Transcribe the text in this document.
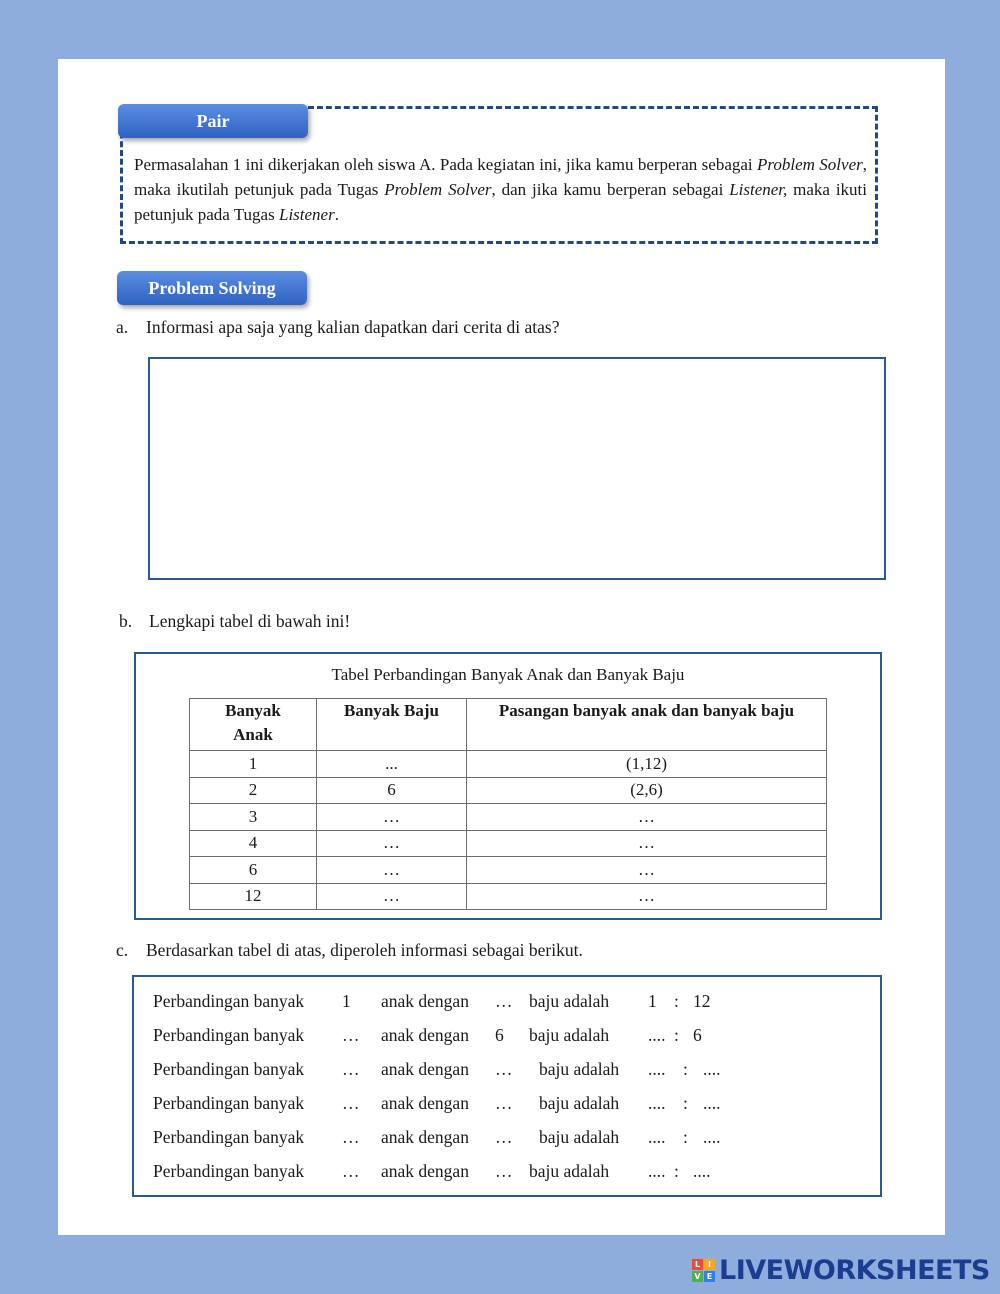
Pair
Permasalahan 1 ini dikerjakan oleh siswa A. Pada kegiatan ini, jika kamu berperan sebagai Problem Solver, maka ikutilah petunjuk pada Tugas Problem Solver, dan jika kamu berperan sebagai Listener, maka ikuti petunjuk pada Tugas Listener.
Problem Solving
a. Informasi apa saja yang kalian dapatkan dari cerita di atas?
b. Lengkapi tabel di bawah ini!
Tabel Perbandingan Banyak Anak dan Banyak Baju
Banyak Anak	Banyak Baju	Pasangan banyak anak dan banyak baju
1	...	(1,12)
2	6	(2,6)
3	…	…
4	…	…
6	…	…
12	…	…
c. Berdasarkan tabel di atas, diperoleh informasi sebagai berikut.
Perbandingan banyak 1 anak dengan … baju adalah 1 : 12
Perbandingan banyak … anak dengan 6 baju adalah .... : 6
Perbandingan banyak … anak dengan … baju adalah .... : ....
Perbandingan banyak … anak dengan … baju adalah .... : ....
Perbandingan banyak … anak dengan … baju adalah .... : ....
Perbandingan banyak … anak dengan … baju adalah .... : ....
L I
V E LIVEWORKSHEETS
